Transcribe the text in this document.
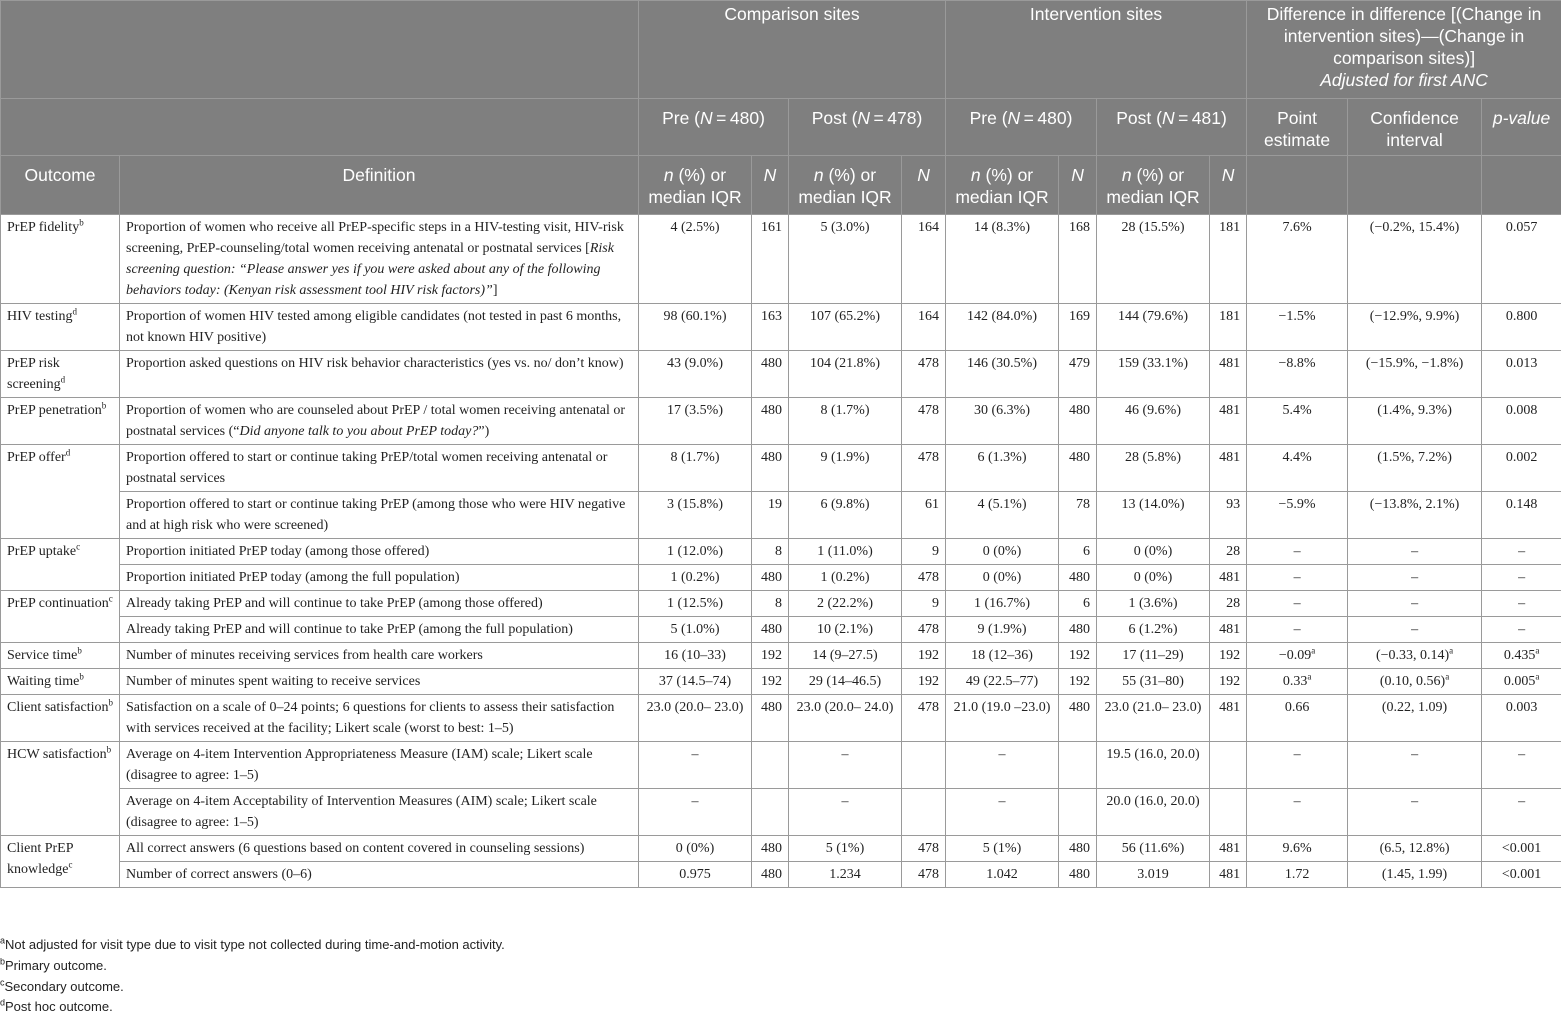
		Comparison sites				Intervention sites				Difference in difference [(Change in intervention sites)—(Change in comparison sites)]
Adjusted for first ANC		
		Pre (N = 480)		Post (N = 478)		Pre (N = 480)		Post (N = 481)		Point estimate	Confidence interval	p-value
Outcome	Definition	n (%) or median IQR	N	n (%) or median IQR	N	n (%) or median IQR	N	n (%) or median IQR	N			
PrEP fidelity$^b$	Proportion of women who receive all PrEP-specific steps in a HIV-testing visit, HIV-risk screening, PrEP-counseling/total women receiving antenatal or postnatal services [Risk screening question: “Please answer yes if you were asked about any of the following behaviors today: (Kenyan risk assessment tool HIV risk factors)”]	4 (2.5%)	161	5 (3.0%)	164	14 (8.3%)	168	28 (15.5%)	181	7.6%	(−0.2%, 15.4%)	0.057
HIV testing$^d$	Proportion of women HIV tested among eligible candidates (not tested in past 6 months, not known HIV positive)	98 (60.1%)	163	107 (65.2%)	164	142 (84.0%)	169	144 (79.6%)	181	−1.5%	(−12.9%, 9.9%)	0.800
PrEP risk screening$^d$	Proportion asked questions on HIV risk behavior characteristics (yes vs. no/ don’t know)	43 (9.0%)	480	104 (21.8%)	478	146 (30.5%)	479	159 (33.1%)	481	−8.8%	(−15.9%, −1.8%)	0.013
PrEP penetration$^b$	Proportion of women who are counseled about PrEP / total women receiving antenatal or postnatal services (“Did anyone talk to you about PrEP today?”)	17 (3.5%)	480	8 (1.7%)	478	30 (6.3%)	480	46 (9.6%)	481	5.4%	(1.4%, 9.3%)	0.008
PrEP offer$^d$	Proportion offered to start or continue taking PrEP/total women receiving antenatal or postnatal services	8 (1.7%)	480	9 (1.9%)	478	6 (1.3%)	480	28 (5.8%)	481	4.4%	(1.5%, 7.2%)	0.002
	Proportion offered to start or continue taking PrEP (among those who were HIV negative and at high risk who were screened)	3 (15.8%)	19	6 (9.8%)	61	4 (5.1%)	78	13 (14.0%)	93	−5.9%	(−13.8%, 2.1%)	0.148
PrEP uptake$^c$	Proportion initiated PrEP today (among those offered)	1 (12.0%)	8	1 (11.0%)	9	0 (0%)	6	0 (0%)	28	–	–	–
	Proportion initiated PrEP today (among the full population)	1 (0.2%)	480	1 (0.2%)	478	0 (0%)	480	0 (0%)	481	–	–	–
PrEP continuation$^c$	Already taking PrEP and will continue to take PrEP (among those offered)	1 (12.5%)	8	2 (22.2%)	9	1 (16.7%)	6	1 (3.6%)	28	–	–	–
	Already taking PrEP and will continue to take PrEP (among the full population)	5 (1.0%)	480	10 (2.1%)	478	9 (1.9%)	480	6 (1.2%)	481	–	–	–
Service time$^b$	Number of minutes receiving services from health care workers	16 (10–33)	192	14 (9–27.5)	192	18 (12–36)	192	17 (11–29)	192	−0.09$^a$	(−0.33, 0.14)$^a$	0.435$^a$
Waiting time$^b$	Number of minutes spent waiting to receive services	37 (14.5–74)	192	29 (14–46.5)	192	49 (22.5–77)	192	55 (31–80)	192	0.33$^a$	(0.10, 0.56)$^a$	0.005$^a$
Client satisfaction$^b$	Satisfaction on a scale of 0–24 points; 6 questions for clients to assess their satisfaction with services received at the facility; Likert scale (worst to best: 1–5)	23.0 (20.0– 23.0)	480	23.0 (20.0– 24.0)	478	21.0 (19.0 –23.0)	480	23.0 (21.0– 23.0)	481	0.66	(0.22, 1.09)	0.003
HCW satisfaction$^b$	Average on 4-item Intervention Appropriateness Measure (IAM) scale; Likert scale (disagree to agree: 1–5)	–		–		–		19.5 (16.0, 20.0)		–	–	–
	Average on 4-item Acceptability of Intervention Measures (AIM) scale; Likert scale (disagree to agree: 1–5)	–		–		–		20.0 (16.0, 20.0)		–	–	–
Client PrEP knowledge$^c$	All correct answers (6 questions based on content covered in counseling sessions)	0 (0%)	480	5 (1%)	478	5 (1%)	480	56 (11.6%)	481	9.6%	(6.5, 12.8%)	<0.001
	Number of correct answers (0–6)	0.975	480	1.234	478	1.042	480	3.019	481	1.72	(1.45, 1.99)	<0.001
$^a$Not adjusted for visit type due to visit type not collected during time-and-motion activity.
$^b$Primary outcome.
$^c$Secondary outcome.
$^d$Post hoc outcome.
